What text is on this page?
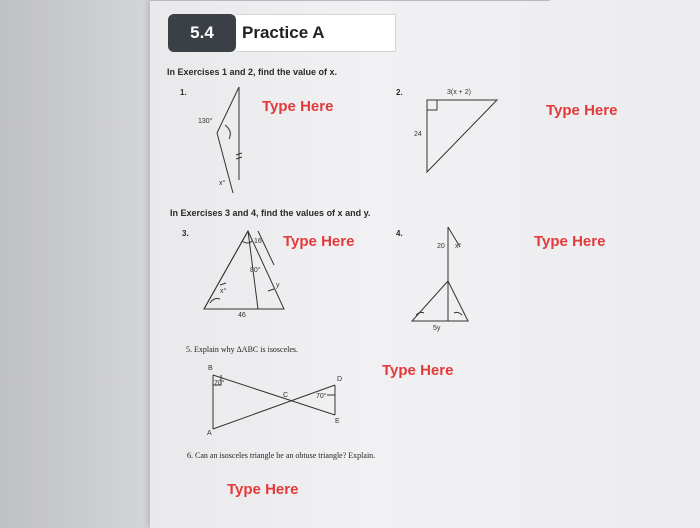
5.4	Practice A
In Exercises 1 and 2, find the value of x.
1.
130°
x°
Type Here
2.	3(x + 2)
24
Type Here
In Exercises 3 and 4, find the values of x and y.
3.
16
80°
x°
y
46
Type Here	4.
20 x°
5y
Type Here
5. Explain why ΔABC is isosceles.
B
A
C
D
E
70°
70°
Type Here
6. Can an isosceles triangle be an obtuse triangle? Explain.
Type Here
